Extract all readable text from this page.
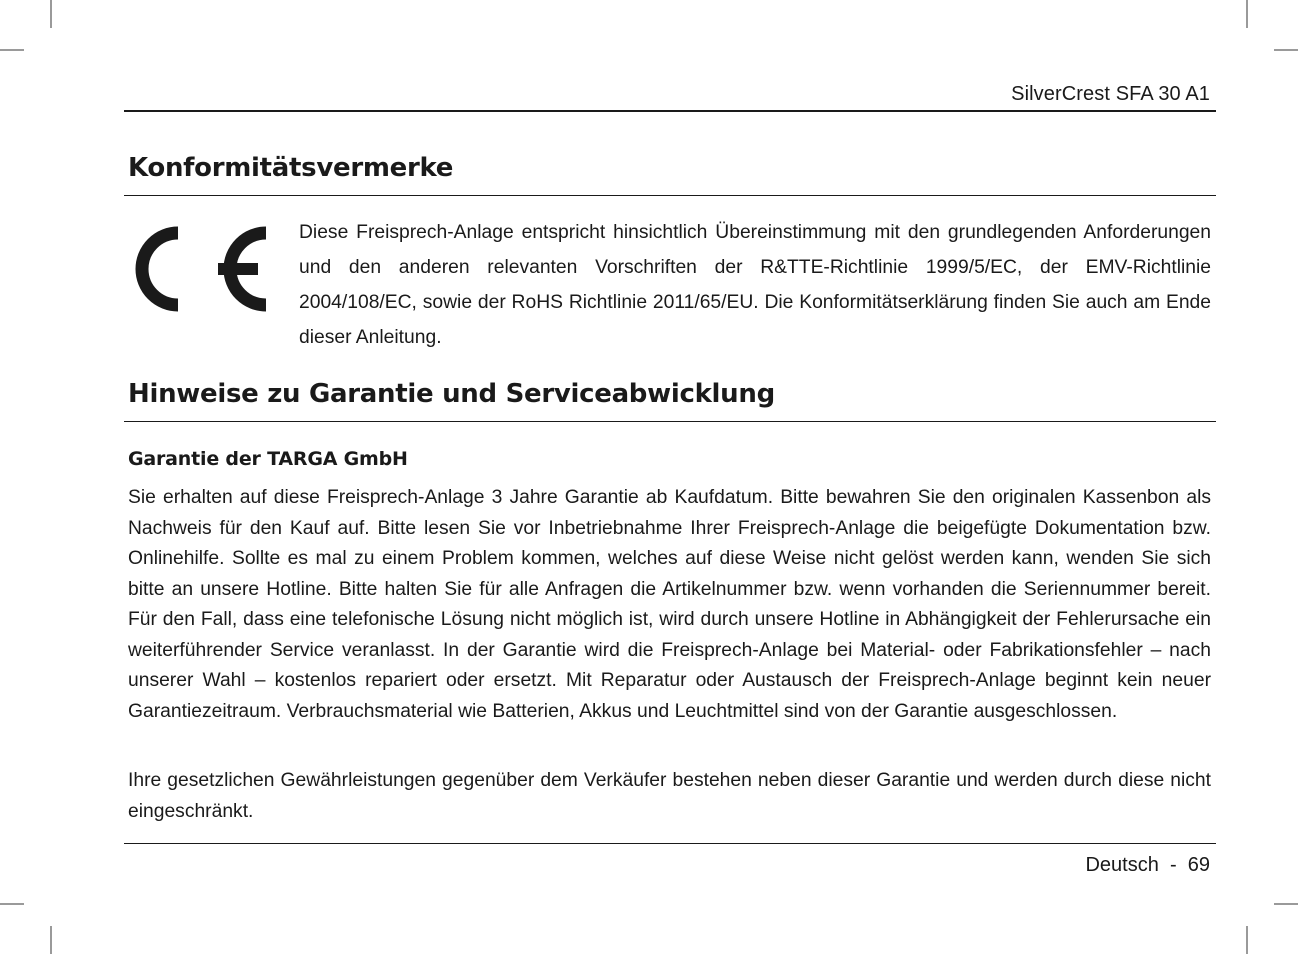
SilverCrest SFA 30 A1
Konformitätsvermerke

Diese Freisprech-Anlage entspricht hinsichtlich Übereinstimmung mit den grundlegenden Anforderungen und den anderen relevanten Vorschriften der R&TTE-Richtlinie 1999/5/EC, der EMV-Richtlinie 2004/108/EC, sowie der RoHS Richtlinie 2011/65/EU. Die Konformitätserklärung finden Sie auch am Ende dieser Anleitung.

Hinweise zu Garantie und Serviceabwicklung
Garantie der TARGA GmbH

Sie erhalten auf diese Freisprech-Anlage 3 Jahre Garantie ab Kaufdatum. Bitte bewahren Sie den originalen Kassenbon als Nachweis für den Kauf auf. Bitte lesen Sie vor Inbetriebnahme Ihrer Freisprech-Anlage die beigefügte Dokumentation bzw. Onlinehilfe. Sollte es mal zu einem Problem kommen, welches auf diese Weise nicht gelöst werden kann, wenden Sie sich bitte an unsere Hotline. Bitte halten Sie für alle Anfragen die Artikelnummer bzw. wenn vorhanden die Seriennummer bereit. Für den Fall, dass eine telefonische Lösung nicht möglich ist, wird durch unsere Hotline in Abhängigkeit der Fehlerursache ein weiterführender Service veranlasst. In der Garantie wird die Freisprech-Anlage bei Material- oder Fabrikationsfehler – nach unserer Wahl – kostenlos repariert oder ersetzt. Mit Reparatur oder Austausch der Freisprech-Anlage beginnt kein neuer Garantiezeitraum. Verbrauchsmaterial wie Batterien, Akkus und Leuchtmittel sind von der Garantie ausgeschlossen.

Ihre gesetzlichen Gewährleistungen gegenüber dem Verkäufer bestehen neben dieser Garantie und werden durch diese nicht eingeschränkt.

Deutsch  -  69
